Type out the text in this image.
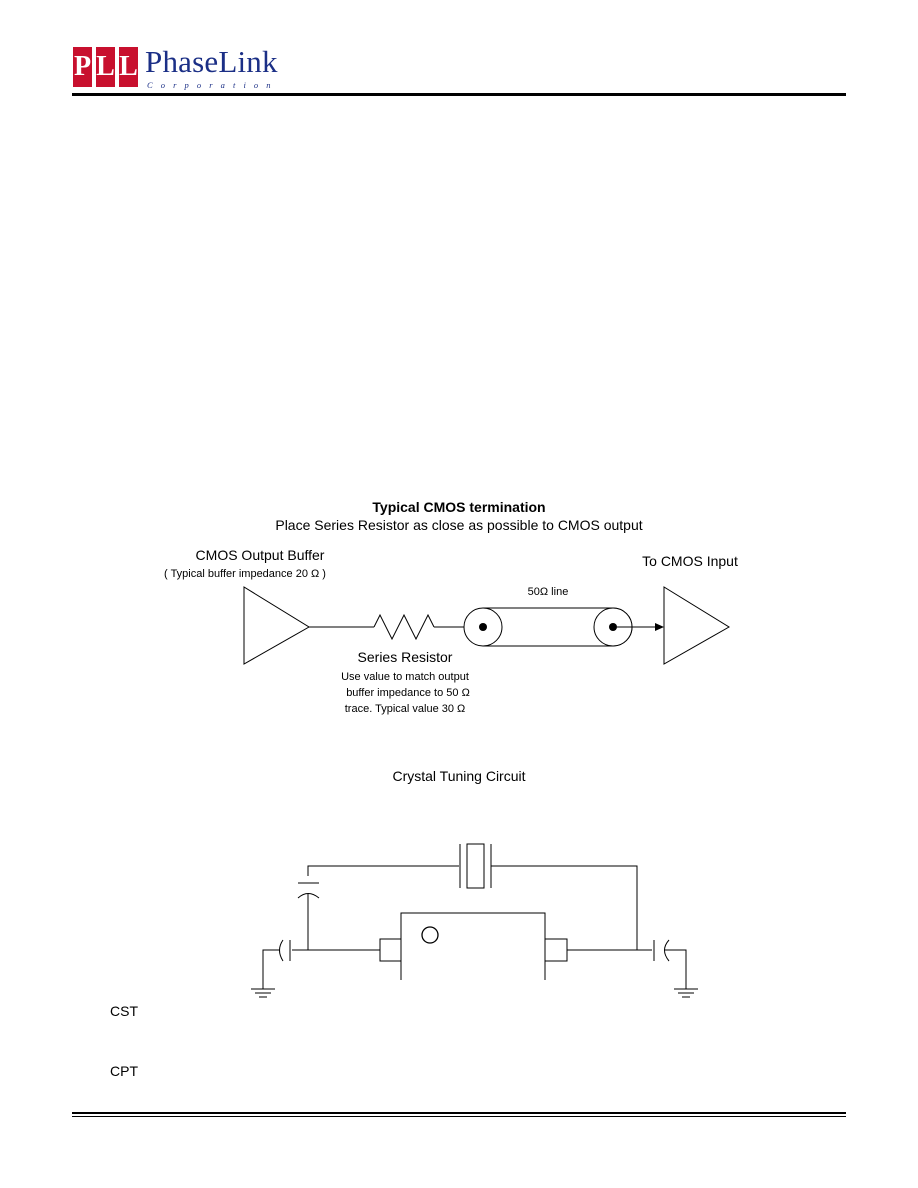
P L L PhaseLink
Corporation
Typical CMOS termination
Place Series Resistor as close as possible to CMOS output
CMOS Output Buffer
( Typical buffer impedance 20 Ω )
50Ω line
To CMOS Input
Series Resistor
Use value to match output
buffer impedance to 50 Ω
trace. Typical value 30 Ω
Crystal Tuning Circuit
CST
CPT
